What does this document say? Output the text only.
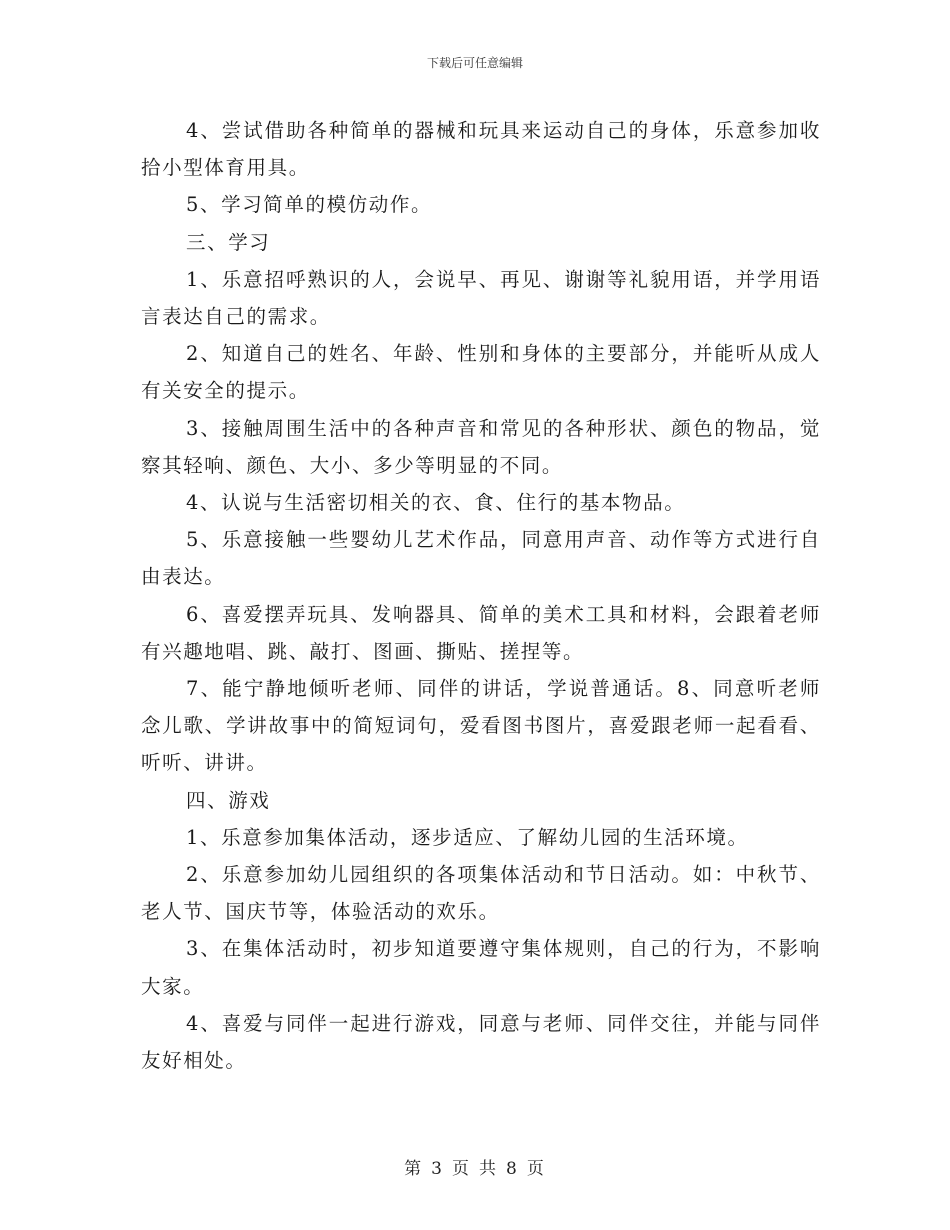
下载后可任意编辑

4、尝试借助各种简单的器械和玩具来运动自己的身体，乐意参加收拾小型体育用具。

5、学习简单的模仿动作。

三、学习

1、乐意招呼熟识的人，会说早、再见、谢谢等礼貌用语，并学用语言表达自己的需求。

2、知道自己的姓名、年龄、性别和身体的主要部分，并能听从成人有关安全的提示。

3、接触周围生活中的各种声音和常见的各种形状、颜色的物品，觉察其轻响、颜色、大小、多少等明显的不同。

4、认说与生活密切相关的衣、食、住行的基本物品。

5、乐意接触一些婴幼儿艺术作品，同意用声音、动作等方式进行自由表达。

6、喜爱摆弄玩具、发响器具、简单的美术工具和材料，会跟着老师有兴趣地唱、跳、敲打、图画、撕贴、搓捏等。

7、能宁静地倾听老师、同伴的讲话，学说普通话。8、同意听老师念儿歌、学讲故事中的简短词句，爱看图书图片，喜爱跟老师一起看看、听听、讲讲。

四、游戏

1、乐意参加集体活动，逐步适应、了解幼儿园的生活环境。

2、乐意参加幼儿园组织的各项集体活动和节日活动。如：中秋节、老人节、国庆节等，体验活动的欢乐。

3、在集体活动时，初步知道要遵守集体规则，自己的行为，不影响大家。

4、喜爱与同伴一起进行游戏，同意与老师、同伴交往，并能与同伴友好相处。

第 3 页 共 8 页
